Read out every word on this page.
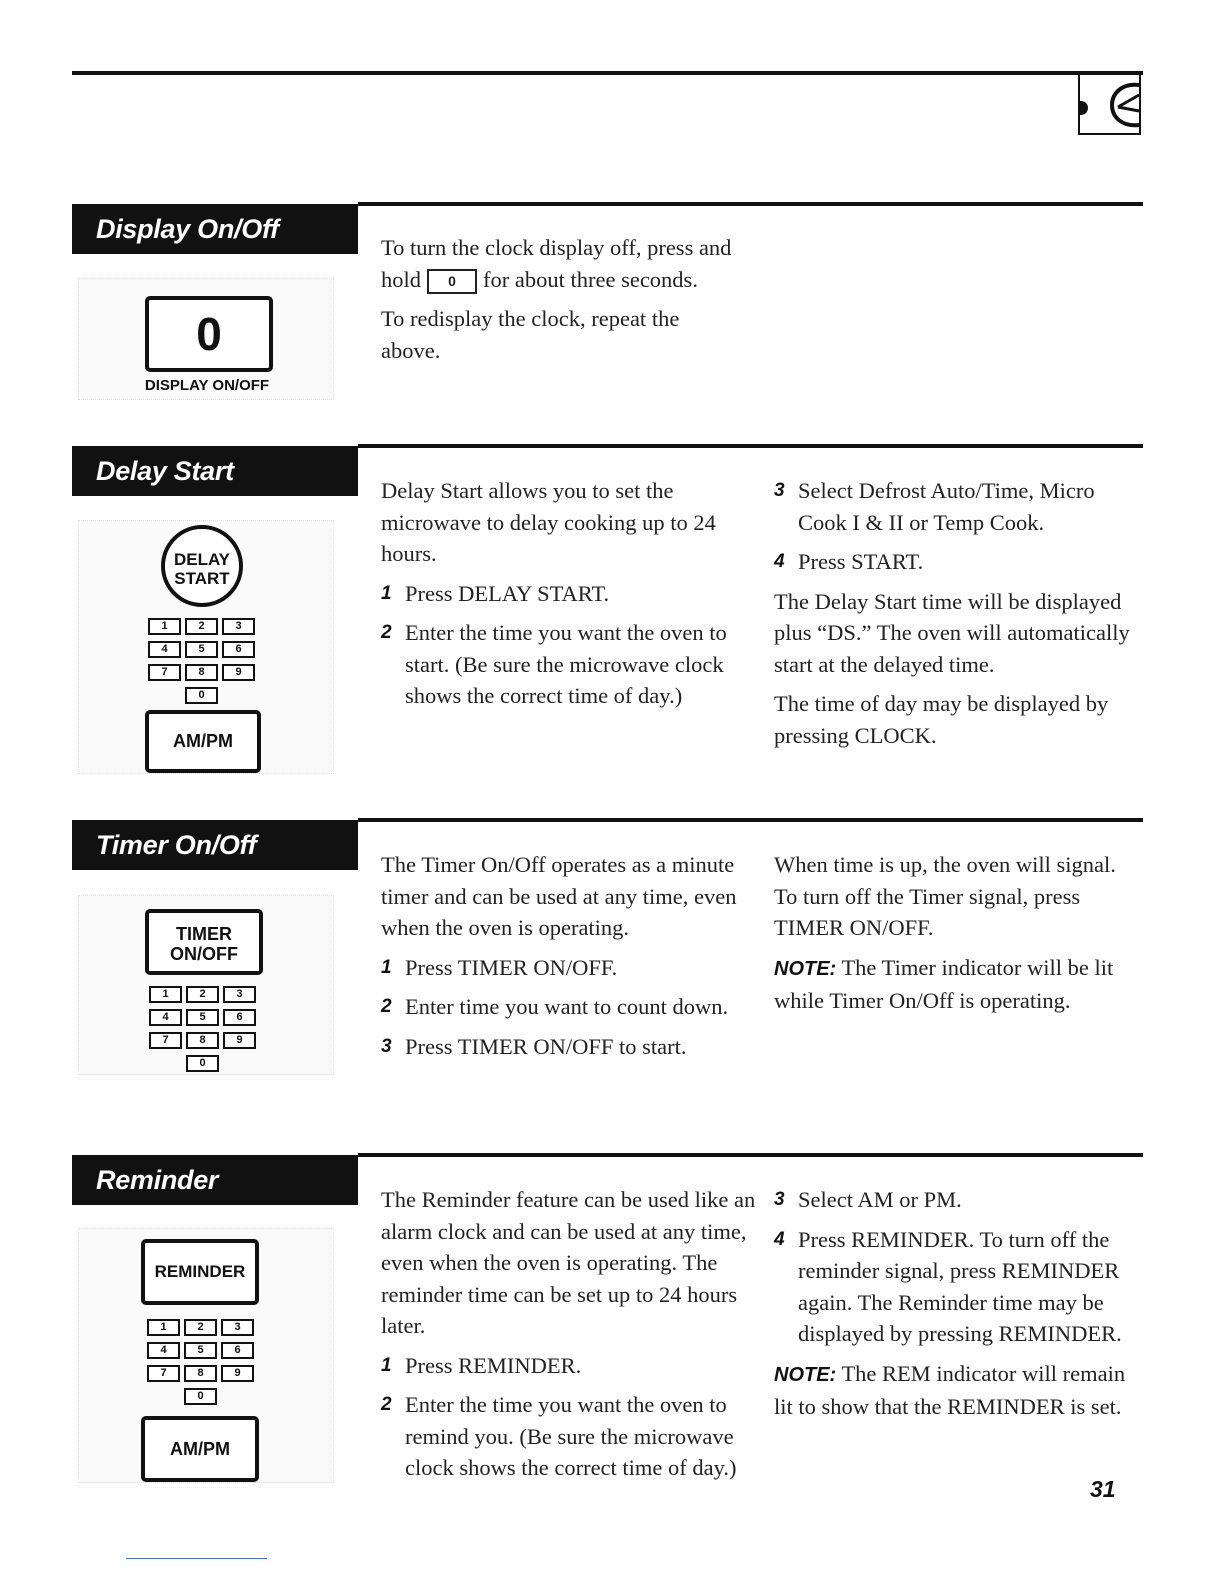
Display On/Off
0
DISPLAY ON/OFF

To turn the clock display off, press and hold 0 for about three seconds.

To redisplay the clock, repeat the above.

Delay Start
DELAY
START
1	2	3
4	5	6
7	8	9
0
AM/PM

Delay Start allows you to set the microwave to delay cooking up to 24 hours.

1 Press DELAY START.
2 Enter the time you want the oven to start. (Be sure the microwave clock shows the correct time of day.)
3 Select Defrost Auto/Time, Micro Cook I & II or Temp Cook.
4 Press START.

The Delay Start time will be displayed plus “DS.” The oven will automatically start at the delayed time.

The time of day may be displayed by pressing CLOCK.

Timer On/Off
TIMER
ON/OFF
1	2	3
4	5	6
7	8	9
0

The Timer On/Off operates as a minute timer and can be used at any time, even when the oven is operating.

1 Press TIMER ON/OFF.
2 Enter time you want to count down.
3 Press TIMER ON/OFF to start.

When time is up, the oven will signal. To turn off the Timer signal, press TIMER ON/OFF.

NOTE: The Timer indicator will be lit while Timer On/Off is operating.

Reminder
REMINDER
1	2	3
4	5	6
7	8	9
0
AM/PM

The Reminder feature can be used like an alarm clock and can be used at any time, even when the oven is operating. The reminder time can be set up to 24 hours later.

1 Press REMINDER.
2 Enter the time you want the oven to remind you. (Be sure the microwave clock shows the correct time of day.)
3 Select AM or PM.
4 Press REMINDER. To turn off the reminder signal, press REMINDER again. The Reminder time may be displayed by pressing REMINDER.

NOTE: The REM indicator will remain lit to show that the REMINDER is set.

31
